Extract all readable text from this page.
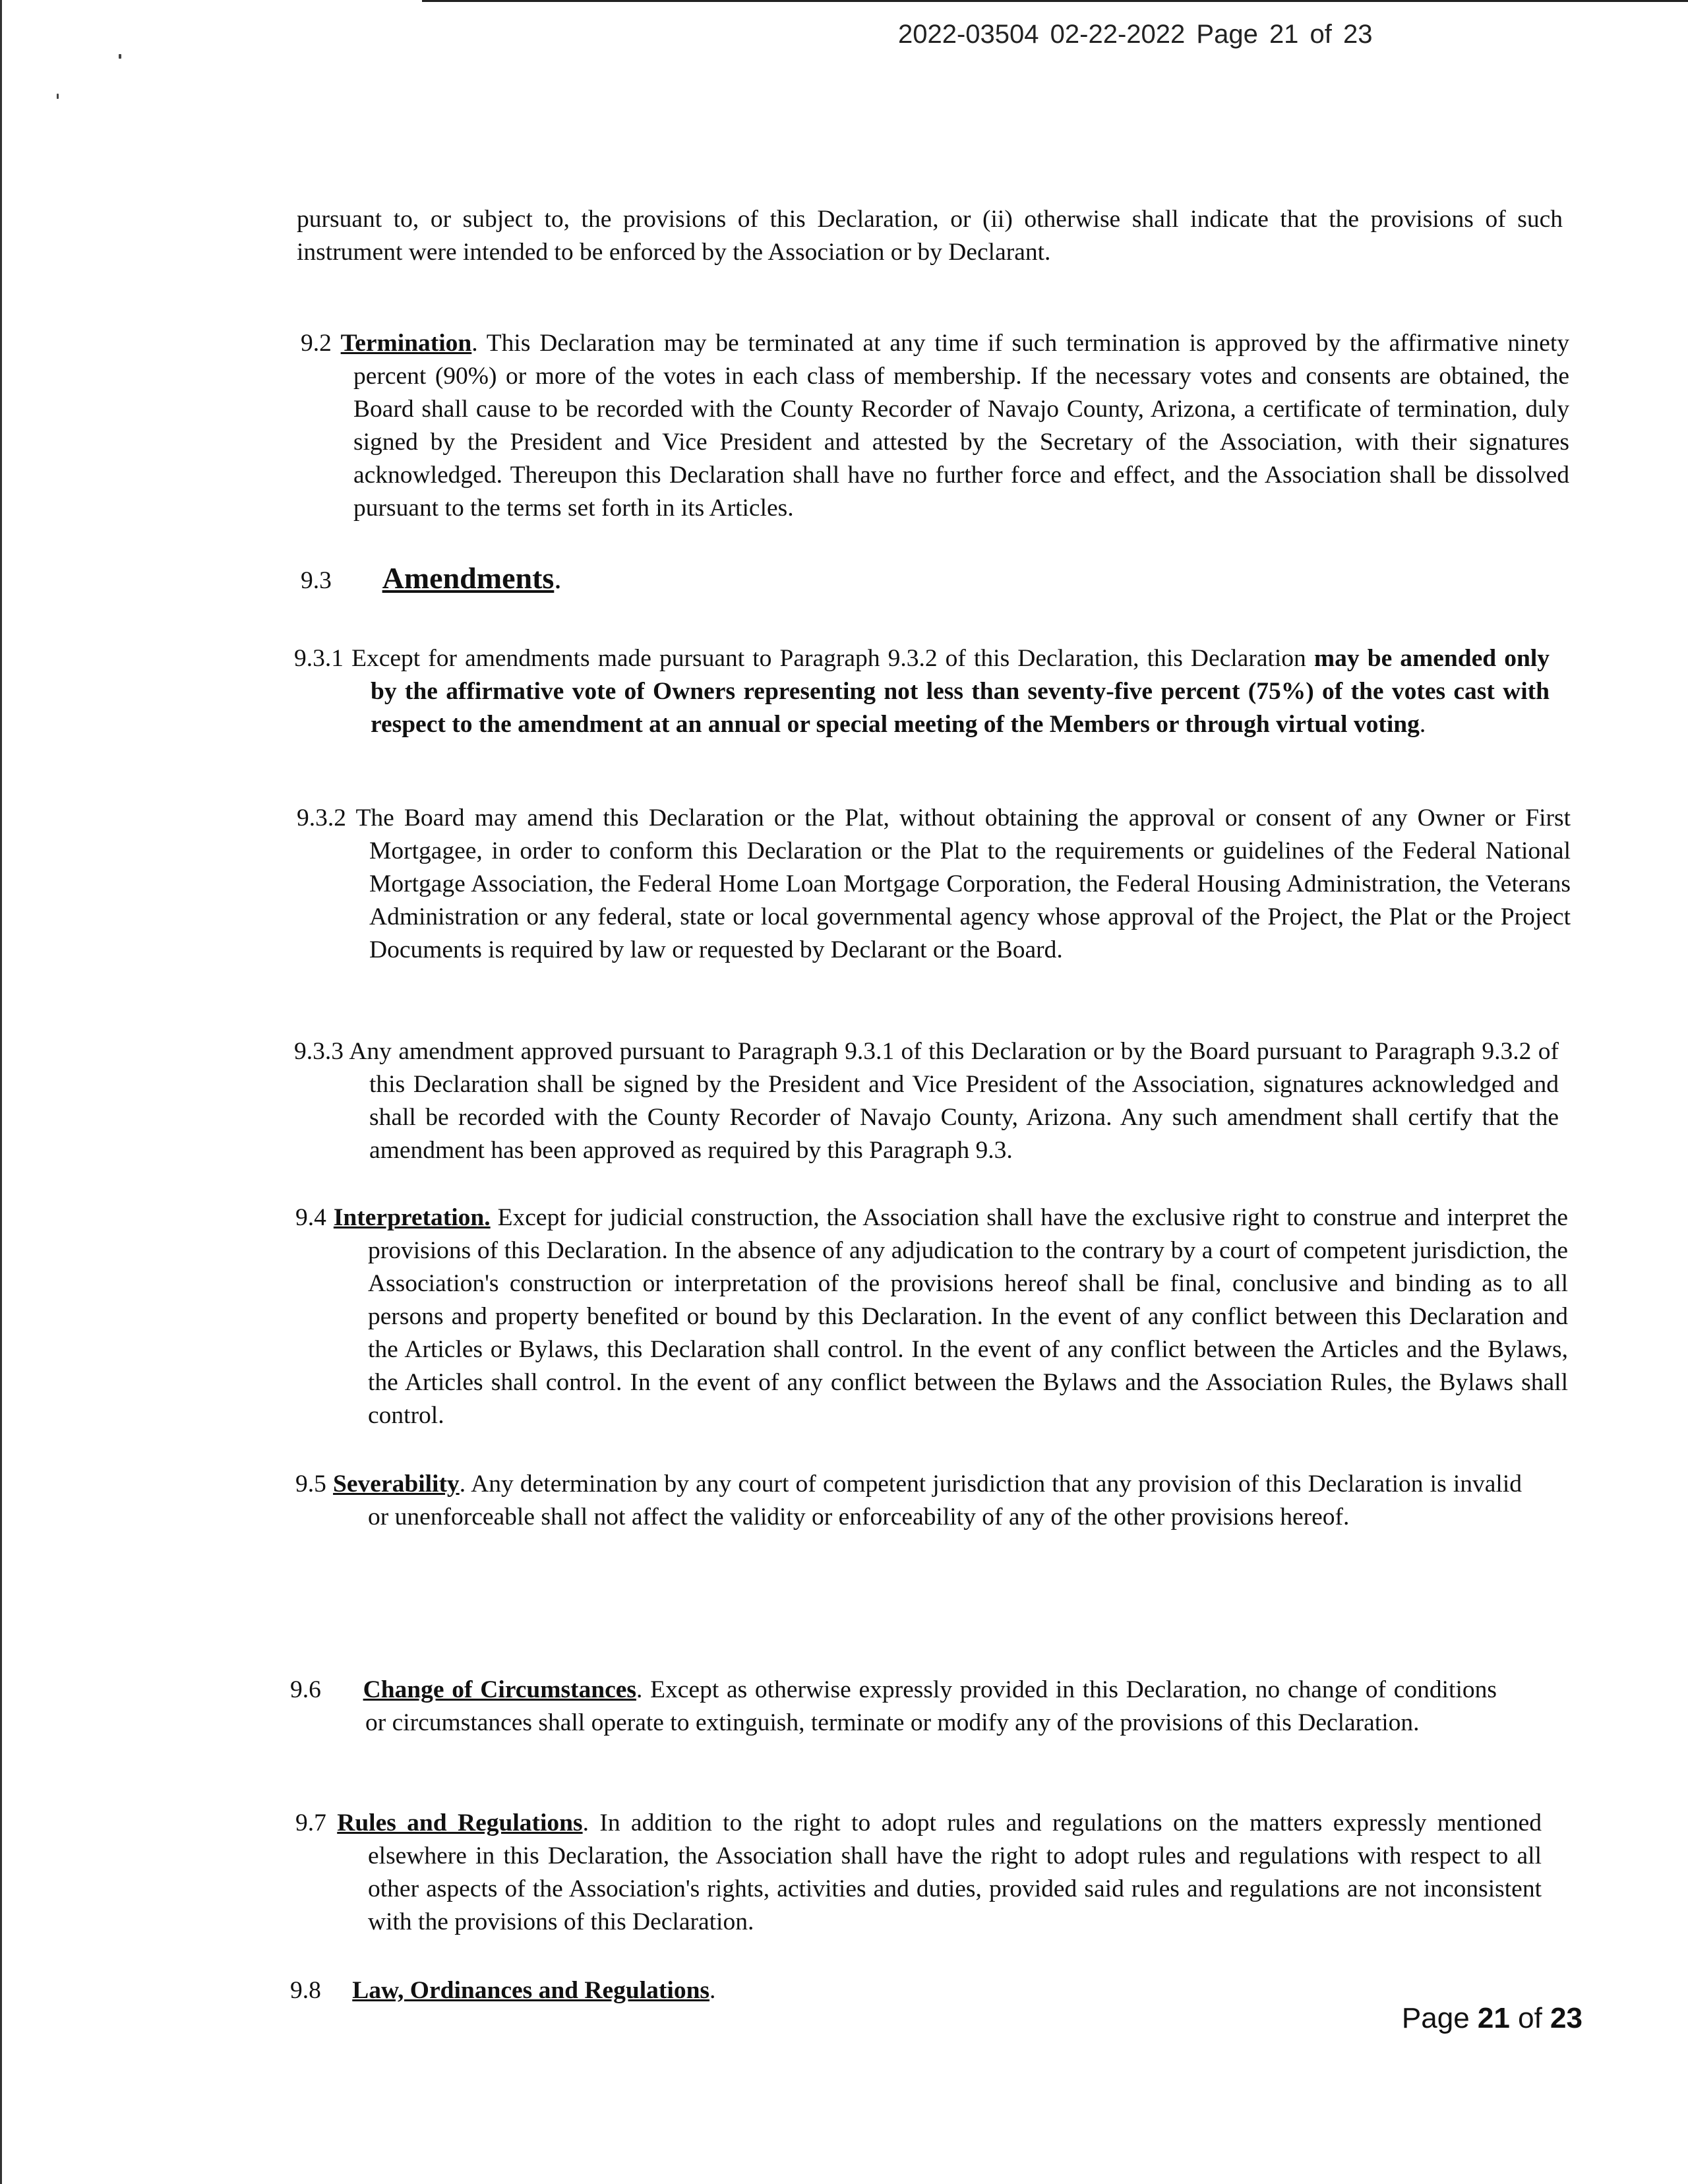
2022-03504 02-22-2022 Page 21 of 23
pursuant to, or subject to, the provisions of this Declaration, or (ii) otherwise shall indicate that the provisions of such instrument were intended to be enforced by the Association or by Declarant.
9.2 Termination. This Declaration may be terminated at any time if such termination is approved by the affirmative ninety percent (90%) or more of the votes in each class of membership. If the necessary votes and consents are obtained, the Board shall cause to be recorded with the County Recorder of Navajo County, Arizona, a certificate of termination, duly signed by the President and Vice President and attested by the Secretary of the Association, with their signatures acknowledged. Thereupon this Declaration shall have no further force and effect, and the Association shall be dissolved pursuant to the terms set forth in its Articles.
9.3 Amendments.
9.3.1 Except for amendments made pursuant to Paragraph 9.3.2 of this Declaration, this Declaration may be amended only by the affirmative vote of Owners representing not less than seventy-five percent (75%) of the votes cast with respect to the amendment at an annual or special meeting of the Members or through virtual voting.
9.3.2 The Board may amend this Declaration or the Plat, without obtaining the approval or consent of any Owner or First Mortgagee, in order to conform this Declaration or the Plat to the requirements or guidelines of the Federal National Mortgage Association, the Federal Home Loan Mortgage Corporation, the Federal Housing Administration, the Veterans Administration or any federal, state or local governmental agency whose approval of the Project, the Plat or the Project Documents is required by law or requested by Declarant or the Board.
9.3.3 Any amendment approved pursuant to Paragraph 9.3.1 of this Declaration or by the Board pursuant to Paragraph 9.3.2 of this Declaration shall be signed by the President and Vice President of the Association, signatures acknowledged and shall be recorded with the County Recorder of Navajo County, Arizona. Any such amendment shall certify that the amendment has been approved as required by this Paragraph 9.3.
9.4 Interpretation. Except for judicial construction, the Association shall have the exclusive right to construe and interpret the provisions of this Declaration. In the absence of any adjudication to the contrary by a court of competent jurisdiction, the Association's construction or interpretation of the provisions hereof shall be final, conclusive and binding as to all persons and property benefited or bound by this Declaration. In the event of any conflict between this Declaration and the Articles or Bylaws, this Declaration shall control. In the event of any conflict between the Articles and the Bylaws, the Articles shall control. In the event of any conflict between the Bylaws and the Association Rules, the Bylaws shall control.
9.5 Severability. Any determination by any court of competent jurisdiction that any provision of this Declaration is invalid or unenforceable shall not affect the validity or enforceability of any of the other provisions hereof.
9.6 Change of Circumstances. Except as otherwise expressly provided in this Declaration, no change of conditions or circumstances shall operate to extinguish, terminate or modify any of the provisions of this Declaration.
9.7 Rules and Regulations. In addition to the right to adopt rules and regulations on the matters expressly mentioned elsewhere in this Declaration, the Association shall have the right to adopt rules and regulations with respect to all other aspects of the Association's rights, activities and duties, provided said rules and regulations are not inconsistent with the provisions of this Declaration.
9.8 Law, Ordinances and Regulations.
Page 21 of 23
